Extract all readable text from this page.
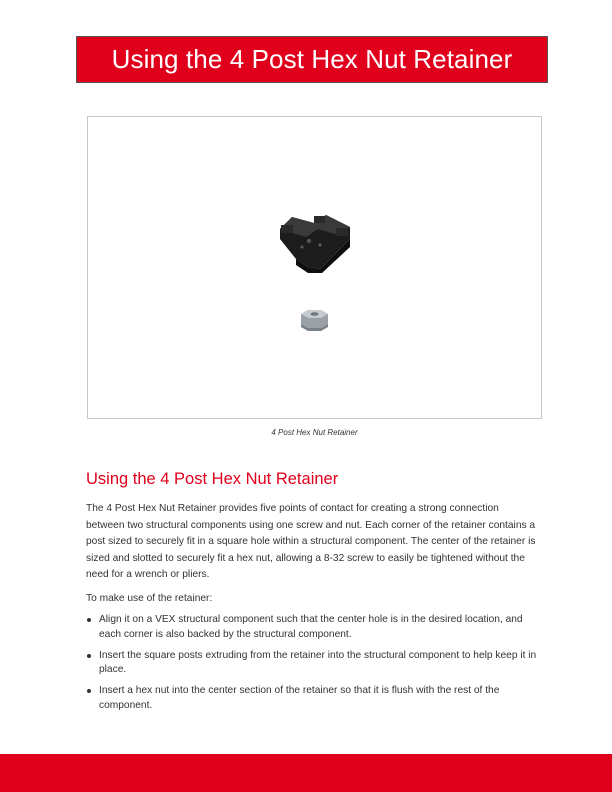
Using the 4 Post Hex Nut Retainer
4 Post Hex Nut Retainer
Using the 4 Post Hex Nut Retainer

The 4 Post Hex Nut Retainer provides five points of contact for creating a strong connection between two structural components using one screw and nut. Each corner of the retainer contains a post sized to securely fit in a square hole within a structural component. The center of the retainer is sized and slotted to securely fit a hex nut, allowing a 8-32 screw to easily be tightened without the need for a wrench or pliers.

To make use of the retainer:

Align it on a VEX structural component such that the center hole is in the desired location, and each corner is also backed by the structural component.
Insert the square posts extruding from the retainer into the structural component to help keep it in place.
Insert a hex nut into the center section of the retainer so that it is flush with the rest of the component.
